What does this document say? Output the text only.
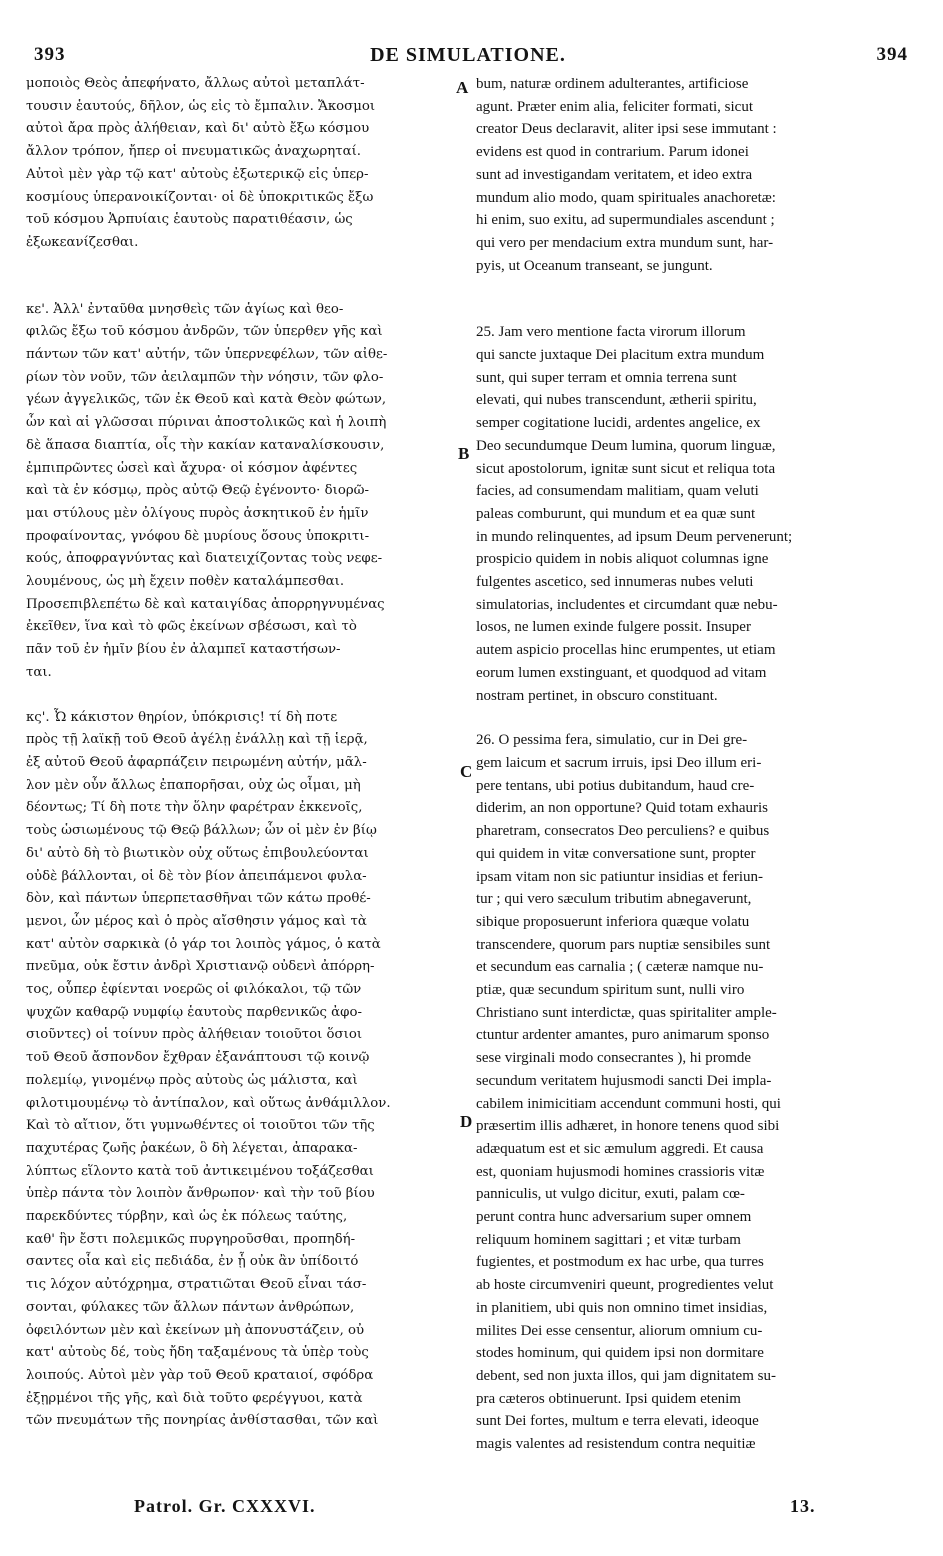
393	DE SIMULATIONE.	394

μοποιὸς Θεὸς ἀπεφήνατο, ἄλλως αὐτοὶ μεταπλάτ-
τουσιν ἑαυτούς, δῆλον, ὡς εἰς τὸ ἔμπαλιν. Ἄκοσμοι
αὐτοὶ ἄρα πρὸς ἀλήθειαν, καὶ δι' αὐτὸ ἔξω κόσμου
ἄλλον τρόπον, ἤπερ οἱ πνευματικῶς ἀναχωρηταί.
Αὐτοὶ μὲν γὰρ τῷ κατ' αὐτοὺς ἐξωτερικῷ εἰς ὑπερ-
κοσμίους ὑπερανοικίζονται· οἱ δὲ ὑποκριτικῶς ἔξω
τοῦ κόσμου Ἁρπυίαις ἑαυτοὺς παρατιθέασιν, ὡς
ἐξωκεανίζεσθαι.

κε'. Ἀλλ' ἐνταῦθα μνησθεὶς τῶν ἁγίως καὶ θεο-
φιλῶς ἔξω τοῦ κόσμου ἀνδρῶν, τῶν ὑπερθεν γῆς καὶ
πάντων τῶν κατ' αὐτήν, τῶν ὑπερνεφέλων, τῶν αἰθε-
ρίων τὸν νοῦν, τῶν ἀειλαμπῶν τὴν νόησιν, τῶν φλο-
γέων ἀγγελικῶς, τῶν ἐκ Θεοῦ καὶ κατὰ Θεὸν φώτων,
ὧν καὶ αἱ γλῶσσαι πύριναι ἀποστολικῶς καὶ ἡ λοιπὴ
δὲ ἅπασα διαπτία, οἷς τὴν κακίαν καταναλίσκουσιν,
ἐμπιπρῶντες ὡσεὶ καὶ ἄχυρα· οἱ κόσμον ἀφέντες
καὶ τὰ ἐν κόσμῳ, πρὸς αὐτῷ Θεῷ ἐγένοντο· διορῶ-
μαι στύλους μὲν ὀλίγους πυρὸς ἀσκητικοῦ ἐν ἡμῖν
προφαίνοντας, γνόφου δὲ μυρίους ὅσους ὑποκριτι-
κούς, ἀποφραγνύντας καὶ διατειχίζοντας τοὺς νεφε-
λουμένους, ὡς μὴ ἔχειν ποθὲν καταλάμπεσθαι.
Προσεπιβλεπέτω δὲ καὶ καταιγίδας ἀπορρηγνυμένας
ἐκεῖθεν, ἵνα καὶ τὸ φῶς ἐκείνων σβέσωσι, καὶ τὸ
πᾶν τοῦ ἐν ἡμῖν βίου ἐν ἀλαμπεῖ καταστήσων-
ται.

κς'. Ὦ κάκιστον θηρίον, ὑπόκρισις! τί δὴ ποτε
πρὸς τῇ λαϊκῇ τοῦ Θεοῦ ἀγέλῃ ἐνάλλῃ καὶ τῇ ἱερᾷ,
ἐξ αὐτοῦ Θεοῦ ἀφαρπάζειν πειρωμένη αὐτήν, μᾶλ-
λον μὲν οὖν ἄλλως ἐπαπορῆσαι, οὐχ ὡς οἶμαι, μὴ
δέοντως; Τί δὴ ποτε τὴν ὅλην φαρέτραν ἐκκενοῖς,
τοὺς ὡσιωμένους τῷ Θεῷ βάλλων; ὧν οἱ μὲν ἐν βίῳ
δι' αὐτὸ δὴ τὸ βιωτικὸν οὐχ οὕτως ἐπιβουλεύονται
οὐδὲ βάλλονται, οἱ δὲ τὸν βίον ἀπειπάμενοι φυλα-
δὸν, καὶ πάντων ὑπερπετασθῆναι τῶν κάτω προθέ-
μενοι, ὧν μέρος καὶ ὁ πρὸς αἴσθησιν γάμος καὶ τὰ
κατ' αὐτὸν σαρκικὰ (ὁ γάρ τοι λοιπὸς γάμος, ὁ κατὰ
πνεῦμα, οὐκ ἔστιν ἀνδρὶ Χριστιανῷ οὐδενὶ ἀπόρρη-
τος, οὗπερ ἐφίενται νοερῶς οἱ φιλόκαλοι, τῷ τῶν
ψυχῶν καθαρῷ νυμφίῳ ἑαυτοὺς παρθενικῶς ἀφο-
σιοῦντες) οἱ τοίνυν πρὸς ἀλήθειαν τοιοῦτοι ὅσιοι
τοῦ Θεοῦ ἄσπονδον ἔχθραν ἐξανάπτουσι τῷ κοινῷ
πολεμίῳ, γινομένῳ πρὸς αὐτοὺς ὡς μάλιστα, καὶ
φιλοτιμουμένῳ τὸ ἀντίπαλον, καὶ οὕτως ἀνθάμιλλον.
Καὶ τὸ αἴτιον, ὅτι γυμνωθέντες οἱ τοιοῦτοι τῶν τῆς
παχυτέρας ζωῆς ῥακέων, ὃ δὴ λέγεται, ἀπαρακα-
λύπτως εἵλοντο κατὰ τοῦ ἀντικειμένου τοξάζεσθαι
ὑπὲρ πάντα τὸν λοιπὸν ἄνθρωπον· καὶ τὴν τοῦ βίου
παρεκδύντες τύρβην, καὶ ὡς ἐκ πόλεως ταύτης,
καθ' ἣν ἔστι πολεμικῶς πυργηροῦσθαι, προπηδή-
σαντες οἷα καὶ εἰς πεδιάδα, ἐν ᾗ οὐκ ἂν ὑπίδοιτό
τις λόχον αὐτόχρημα, στρατιῶται Θεοῦ εἶναι τάσ-
σονται, φύλακες τῶν ἄλλων πάντων ἀνθρώπων,
ὀφειλόντων μὲν καὶ ἐκείνων μὴ ἀπονυστάζειν, οὐ
κατ' αὐτοὺς δέ, τοὺς ἤδη ταξαμένους τὰ ὑπὲρ τοὺς
λοιπούς. Αὐτοὶ μὲν γὰρ τοῦ Θεοῦ κραταιοί, σφόδρα
ἐξῃρμένοι τῆς γῆς, καὶ διὰ τοῦτο φερέγγυοι, κατὰ
τῶν πνευμάτων τῆς πονηρίας ἀνθίστασθαι, τῶν καὶ

bum, naturæ ordinem adulterantes, artificiose
agunt. Præter enim alia, feliciter formati, sicut
creator Deus declaravit, aliter ipsi sese immutant :
evidens est quod in contrarium. Parum idonei
sunt ad investigandam veritatem, et ideo extra
mundum alio modo, quam spirituales anachoretæ:
hi enim, suo exitu, ad supermundiales ascendunt ;
qui vero per mendacium extra mundum sunt, har-
pyis, ut Oceanum transeant, se jungunt.

25. Jam vero mentione facta virorum illorum
qui sancte juxtaque Dei placitum extra mundum
sunt, qui super terram et omnia terrena sunt
elevati, qui nubes transcendunt, ætherii spiritu,
semper cogitatione lucidi, ardentes angelice, ex
Deo secundumque Deum lumina, quorum linguæ,
sicut apostolorum, ignitæ sunt sicut et reliqua tota
facies, ad consumendam malitiam, quam veluti
paleas comburunt, qui mundum et ea quæ sunt
in mundo relinquentes, ad ipsum Deum pervenerunt;
prospicio quidem in nobis aliquot columnas igne
fulgentes ascetico, sed innumeras nubes veluti
simulatorias, includentes et circumdant quæ nebu-
losos, ne lumen exinde fulgere possit. Insuper
autem aspicio procellas hinc erumpentes, ut etiam
eorum lumen exstinguant, et quodquod ad vitam
nostram pertinet, in obscuro constituant.

26. O pessima fera, simulatio, cur in Dei gre-
gem laicum et sacrum irruis, ipsi Deo illum eri-
pere tentans, ubi potius dubitandum, haud cre-
diderim, an non opportune? Quid totam exhauris
pharetram, consecratos Deo perculiens? e quibus
qui quidem in vitæ conversatione sunt, propter
ipsam vitam non sic patiuntur insidias et feriun-
tur ; qui vero sæculum tributim abnegaverunt,
sibique proposuerunt inferiora quæque volatu
transcendere, quorum pars nuptiæ sensibiles sunt
et secundum eas carnalia ; ( cæteræ namque nu-
ptiæ, quæ secundum spiritum sunt, nulli viro
Christiano sunt interdictæ, quas spiritaliter ample-
ctuntur ardenter amantes, puro animarum sponso
sese virginali modo consecrantes ), hi promde
secundum veritatem hujusmodi sancti Dei impla-
cabilem inimicitiam accendunt communi hosti, qui
præsertim illis adhæret, in honore tenens quod sibi
adæquatum est et sic æmulum aggredi. Et causa
est, quoniam hujusmodi homines crassioris vitæ
panniculis, ut vulgo dicitur, exuti, palam cœ-
perunt contra hunc adversarium super omnem
reliquum hominem sagittari ; et vitæ turbam
fugientes, et postmodum ex hac urbe, qua turres
ab hoste circumveniri queunt, progredientes velut
in planitiem, ubi quis non omnino timet insidias,
milites Dei esse censentur, aliorum omnium cu-
stodes hominum, qui quidem ipsi non dormitare
debent, sed non juxta illos, qui jam dignitatem su-
pra cæteros obtinuerunt. Ipsi quidem etenim
sunt Dei fortes, multum e terra elevati, ideoque
magis valentes ad resistendum contra nequitiæ

A
B
C
D
Patrol. Gr. CXXXVI.	13.
